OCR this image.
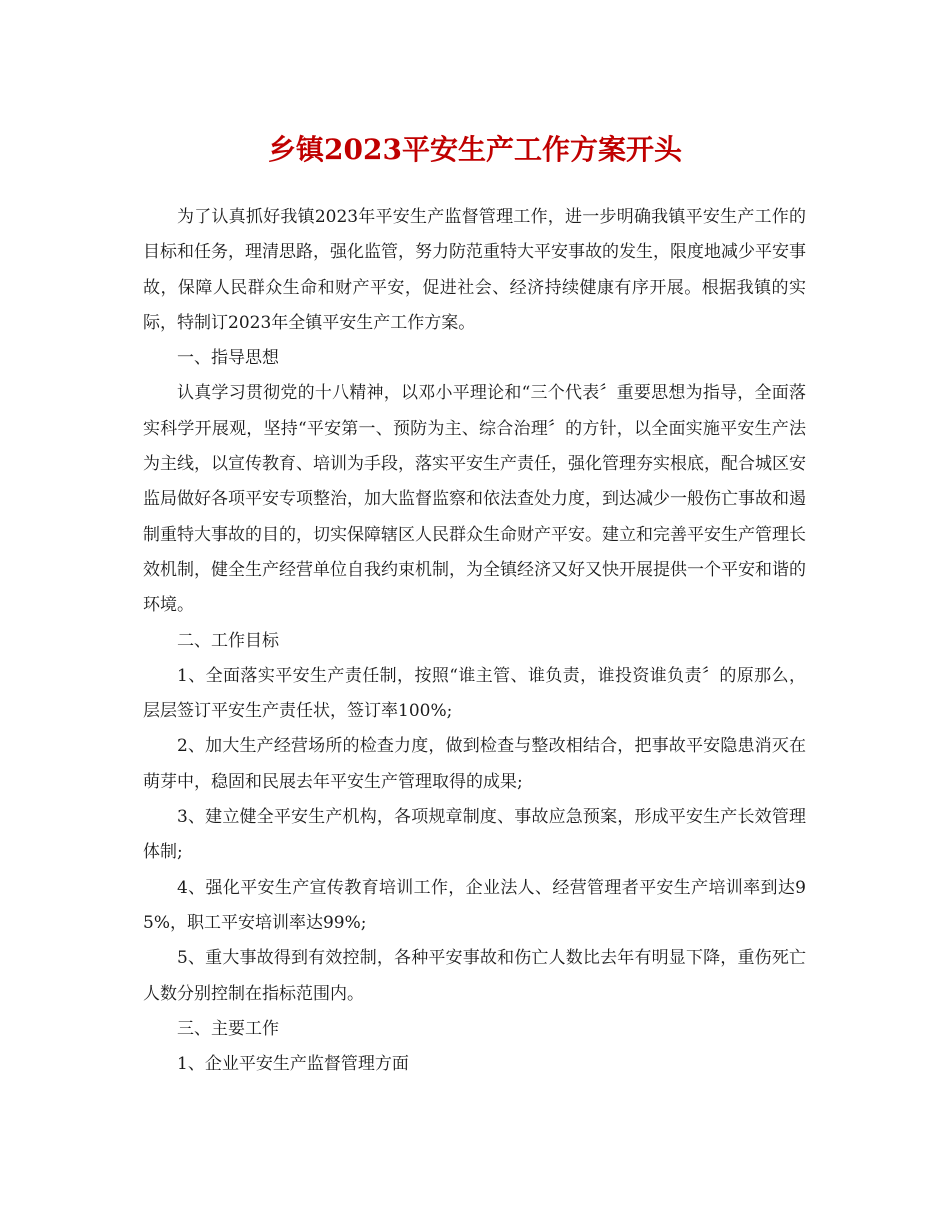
乡镇2023平安生产工作方案开头

为了认真抓好我镇2023年平安生产监督管理工作，进一步明确我镇平安生产工作的目标和任务，理清思路，强化监管，努力防范重特大平安事故的发生，限度地减少平安事故，保障人民群众生命和财产平安，促进社会、经济持续健康有序开展。根据我镇的实际，特制订2023年全镇平安生产工作方案。

一、指导思想

认真学习贯彻党的十八精神，以邓小平理论和“三个代表〞重要思想为指导，全面落实科学开展观，坚持“平安第一、预防为主、综合治理〞的方针，以全面实施平安生产法为主线，以宣传教育、培训为手段，落实平安生产责任，强化管理夯实根底，配合城区安监局做好各项平安专项整治，加大监督监察和依法查处力度，到达减少一般伤亡事故和遏制重特大事故的目的，切实保障辖区人民群众生命财产平安。建立和完善平安生产管理长效机制，健全生产经营单位自我约束机制，为全镇经济又好又快开展提供一个平安和谐的环境。

二、工作目标

1、全面落实平安生产责任制，按照“谁主管、谁负责，谁投资谁负责〞的原那么，层层签订平安生产责任状，签订率100%;

2、加大生产经营场所的检查力度，做到检查与整改相结合，把事故平安隐患消灭在萌芽中，稳固和民展去年平安生产管理取得的成果;

3、建立健全平安生产机构，各项规章制度、事故应急预案，形成平安生产长效管理体制;

4、强化平安生产宣传教育培训工作，企业法人、经营管理者平安生产培训率到达95%，职工平安培训率达99%;

5、重大事故得到有效控制，各种平安事故和伤亡人数比去年有明显下降，重伤死亡人数分别控制在指标范围内。

三、主要工作

1、企业平安生产监督管理方面
